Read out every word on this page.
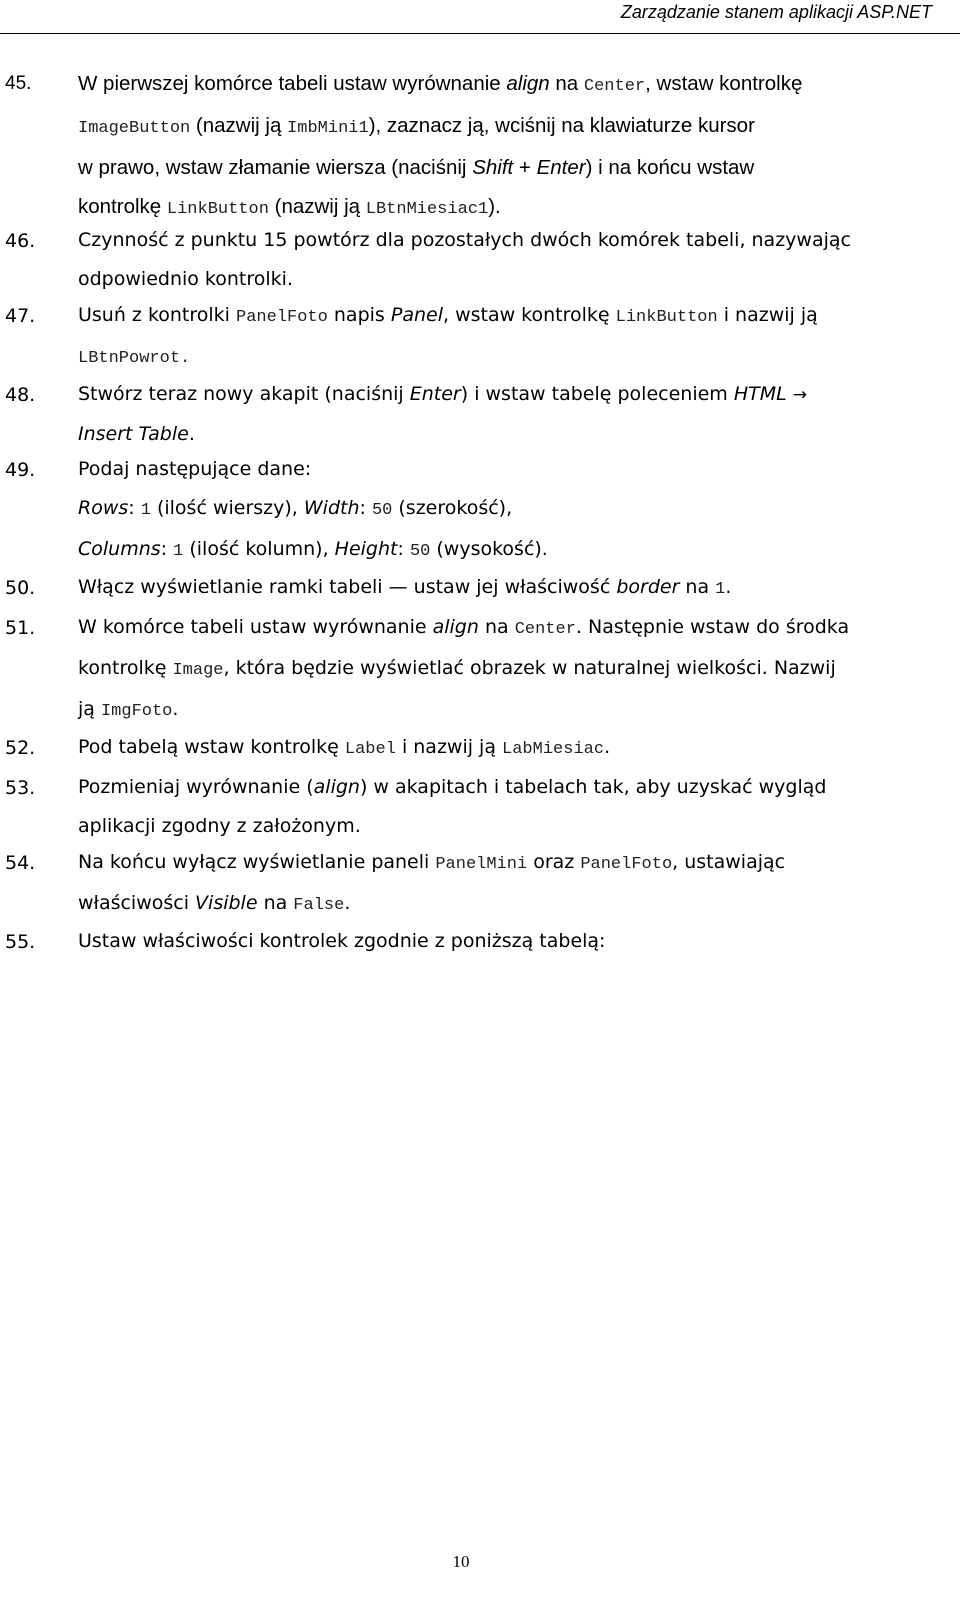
Zarządzanie stanem aplikacji ASP.NET
45. W pierwszej komórce tabeli ustaw wyrównanie align na Center, wstaw kontrolkę
ImageButton (nazwij ją ImbMini1), zaznacz ją, wciśnij na klawiaturze kursor
w prawo, wstaw złamanie wiersza (naciśnij Shift + Enter) i na końcu wstaw
kontrolkę LinkButton (nazwij ją LBtnMiesiac1).
46. Czynność z punktu 15 powtórz dla pozostałych dwóch komórek tabeli, nazywając
odpowiednio kontrolki.
47. Usuń z kontrolki PanelFoto napis Panel, wstaw kontrolkę LinkButton i nazwij ją
LBtnPowrot.
48. Stwórz teraz nowy akapit (naciśnij Enter) i wstaw tabelę poleceniem HTML →
Insert Table.
49. Podaj następujące dane:
Rows: 1 (ilość wierszy), Width: 50 (szerokość),
Columns: 1 (ilość kolumn), Height: 50 (wysokość).
50. Włącz wyświetlanie ramki tabeli — ustaw jej właściwość border na 1.
51. W komórce tabeli ustaw wyrównanie align na Center. Następnie wstaw do środka
kontrolkę Image, która będzie wyświetlać obrazek w naturalnej wielkości. Nazwij
ją ImgFoto.
52. Pod tabelą wstaw kontrolkę Label i nazwij ją LabMiesiac.
53. Pozmieniaj wyrównanie (align) w akapitach i tabelach tak, aby uzyskać wygląd
aplikacji zgodny z założonym.
54. Na końcu wyłącz wyświetlanie paneli PanelMini oraz PanelFoto, ustawiając
właściwości Visible na False.
55. Ustaw właściwości kontrolek zgodnie z poniższą tabelą:
10
